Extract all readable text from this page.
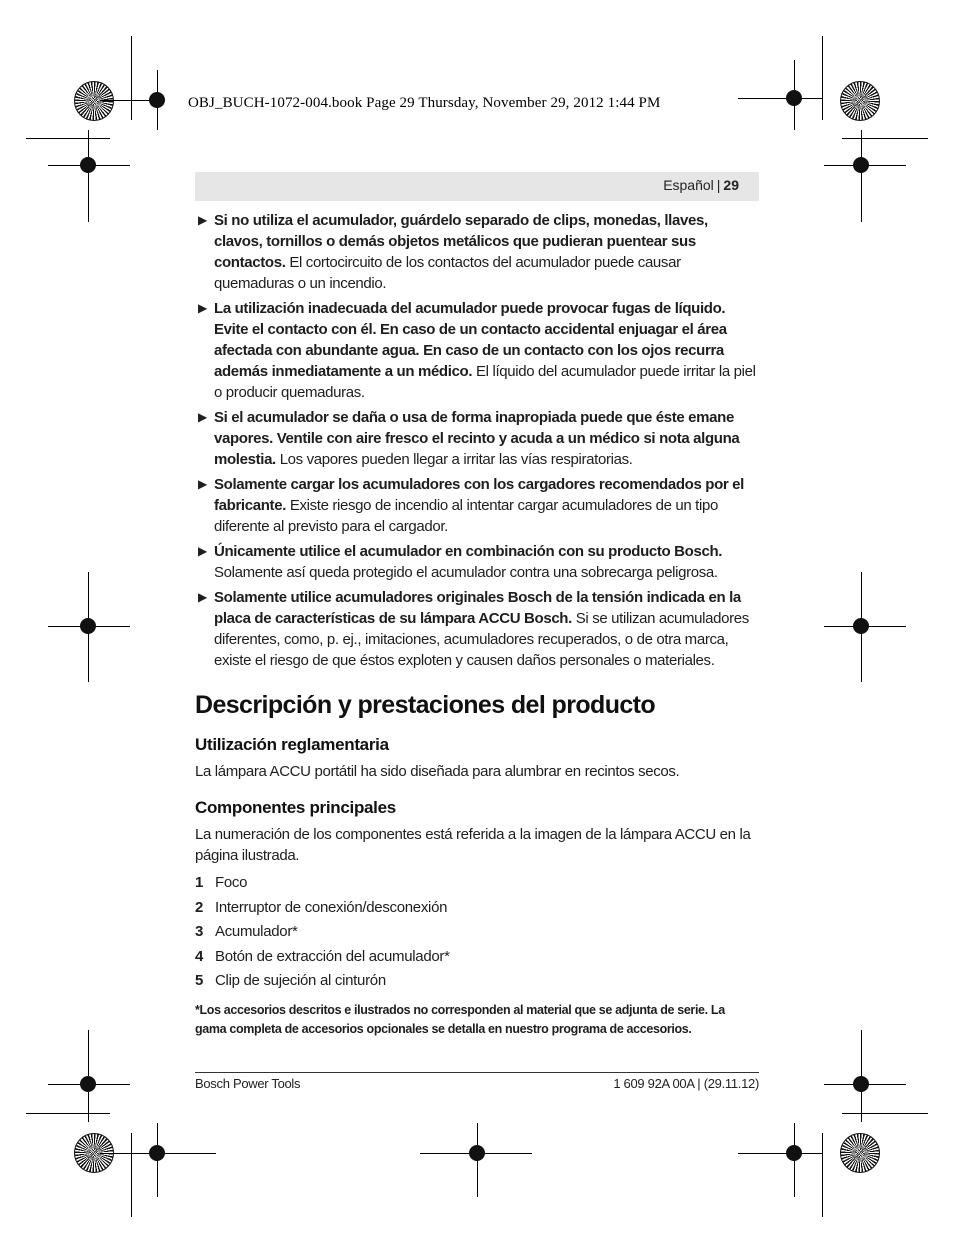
OBJ_BUCH-1072-004.book Page 29 Thursday, November 29, 2012 1:44 PM
Español | 29
▶ Si no utiliza el acumulador, guárdelo separado de clips, monedas, llaves, clavos, tornillos o demás objetos metálicos que pudieran puentear sus contactos. El cortocircuito de los contactos del acumulador puede causar quemaduras o un incendio.
▶ La utilización inadecuada del acumulador puede provocar fugas de líquido. Evite el contacto con él. En caso de un contacto accidental enjuagar el área afectada con abundante agua. En caso de un contacto con los ojos recurra además inmediatamente a un médico. El líquido del acumulador puede irritar la piel o producir quemaduras.
▶ Si el acumulador se daña o usa de forma inapropiada puede que éste emane vapores. Ventile con aire fresco el recinto y acuda a un médico si nota alguna molestia. Los vapores pueden llegar a irritar las vías respiratorias.
▶ Solamente cargar los acumuladores con los cargadores recomendados por el fabricante. Existe riesgo de incendio al intentar cargar acumuladores de un tipo diferente al previsto para el cargador.
▶ Únicamente utilice el acumulador en combinación con su producto Bosch. Solamente así queda protegido el acumulador contra una sobrecarga peligrosa.
▶ Solamente utilice acumuladores originales Bosch de la tensión indicada en la placa de características de su lámpara ACCU Bosch. Si se utilizan acumuladores diferentes, como, p. ej., imitaciones, acumuladores recuperados, o de otra marca, existe el riesgo de que éstos exploten y causen daños personales o materiales.
Descripción y prestaciones del producto
Utilización reglamentaria

La lámpara ACCU portátil ha sido diseñada para alumbrar en recintos secos.

Componentes principales

La numeración de los componentes está referida a la imagen de la lámpara ACCU en la página ilustrada.

1 Foco
2 Interruptor de conexión/desconexión
3 Acumulador*
4 Botón de extracción del acumulador*
5 Clip de sujeción al cinturón
*Los accesorios descritos e ilustrados no corresponden al material que se adjunta de serie. La gama completa de accesorios opcionales se detalla en nuestro programa de accesorios.
Bosch Power Tools	1 609 92A 00A | (29.11.12)
